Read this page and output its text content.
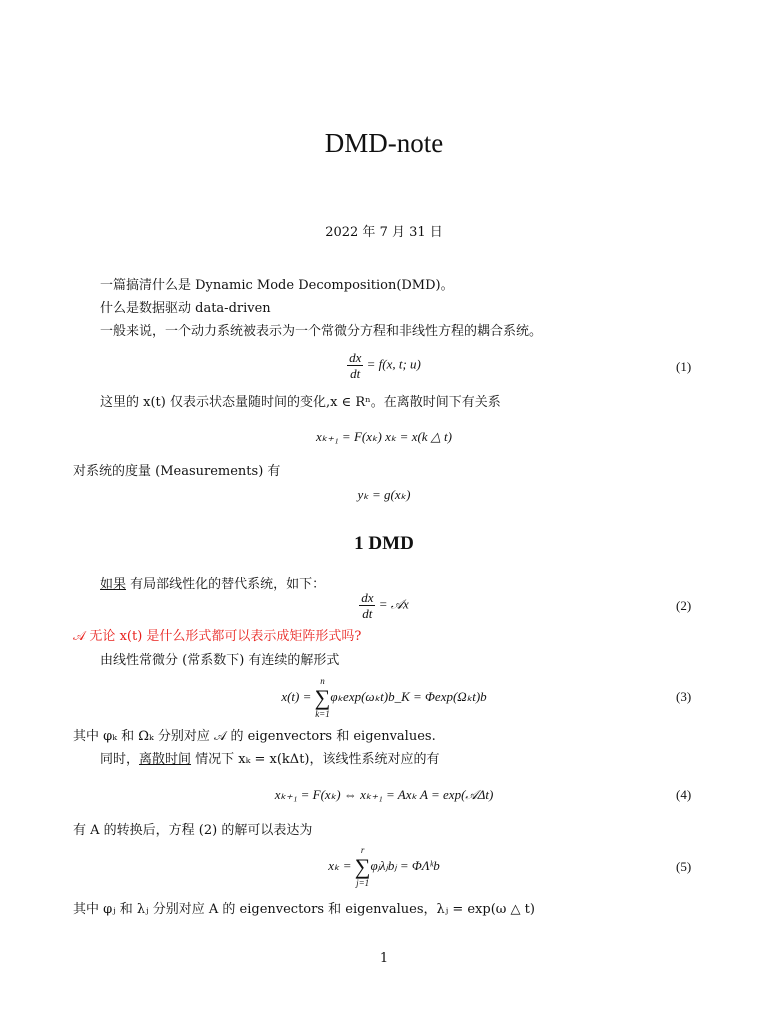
DMD-note
2022 年 7 月 31 日
一篇搞清什么是 Dynamic Mode Decomposition(DMD)。
什么是数据驱动 data-driven
一般来说，一个动力系统被表示为一个常微分方程和非线性方程的耦合系统。
$\frac{dx}{dt} = f(x$, t; u)	(1)
这里的 x(t) 仅表示状态量随时间的变化,x ∈ Rⁿ。在离散时间下有关系
xₖ₊₁ = F(xₖ) xₖ = x(k △ t)
对系统的度量 (Measurements) 有
yₖ = g(xₖ)
1 DMD
如果 有局部线性化的替代系统，如下：
$\frac{dx}{dt}$ = 𝒜x	(2)
𝒜 无论 x(t) 是什么形式都可以表示成矩阵形式吗?
由线性常微分 (常系数下) 有连续的解形式
x(t) =
n
∑
k=1
φₖexp(ωₖt)b_K = Φexp(Ωₖt)b	(3)
其中 φₖ 和 Ωₖ 分别对应 𝒜 的 eigenvectors 和 eigenvalues.
同时，离散时间 情况下 xₖ = x(kΔt)，该线性系统对应的有
xₖ₊₁ = F(xₖ) ⇔ xₖ₊₁ = Axₖ A = exp(𝒜Δt)	(4)
有 A 的转换后，方程 (2) 的解可以表达为
xₖ =
r
∑
j=1
φⱼλⱼbⱼ = ΦΛᵏb	(5)
其中 φⱼ 和 λⱼ 分别对应 A 的 eigenvectors 和 eigenvalues，λⱼ = exp(ω △ t)
1
